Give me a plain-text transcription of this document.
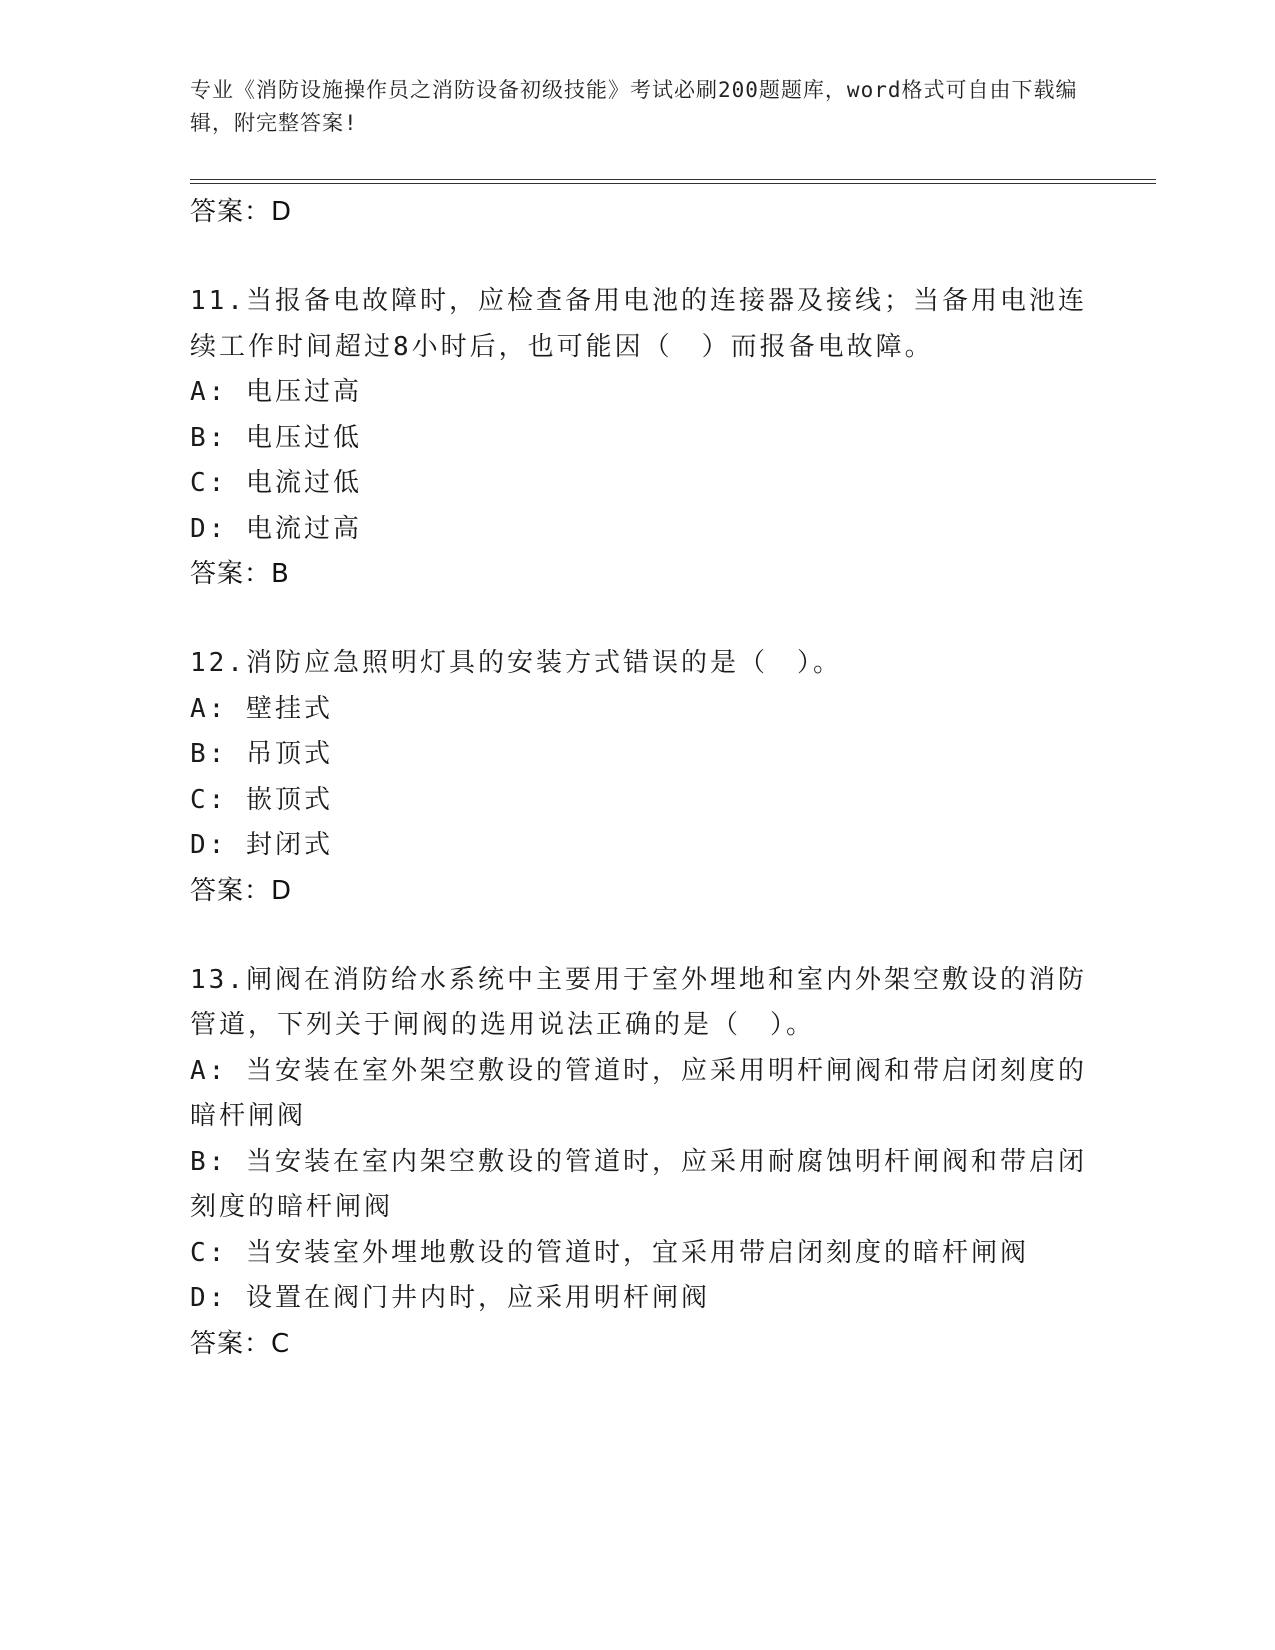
专业《消防设施操作员之消防设备初级技能》考试必刷200题题库，word格式可自由下载编辑，附完整答案!
答案：D
11.当报备电故障时，应检查备用电池的连接器及接线；当备用电池连续工作时间超过8小时后，也可能因（　）而报备电故障。
A: 电压过高
B: 电压过低
C: 电流过低
D: 电流过高
答案：B
12.消防应急照明灯具的安装方式错误的是（　）。
A: 壁挂式
B: 吊顶式
C: 嵌顶式
D: 封闭式
答案：D
13.闸阀在消防给水系统中主要用于室外埋地和室内外架空敷设的消防管道，下列关于闸阀的选用说法正确的是（　）。
A: 当安装在室外架空敷设的管道时，应采用明杆闸阀和带启闭刻度的暗杆闸阀
B: 当安装在室内架空敷设的管道时，应采用耐腐蚀明杆闸阀和带启闭刻度的暗杆闸阀
C: 当安装室外埋地敷设的管道时，宜采用带启闭刻度的暗杆闸阀
D: 设置在阀门井内时，应采用明杆闸阀
答案：C
